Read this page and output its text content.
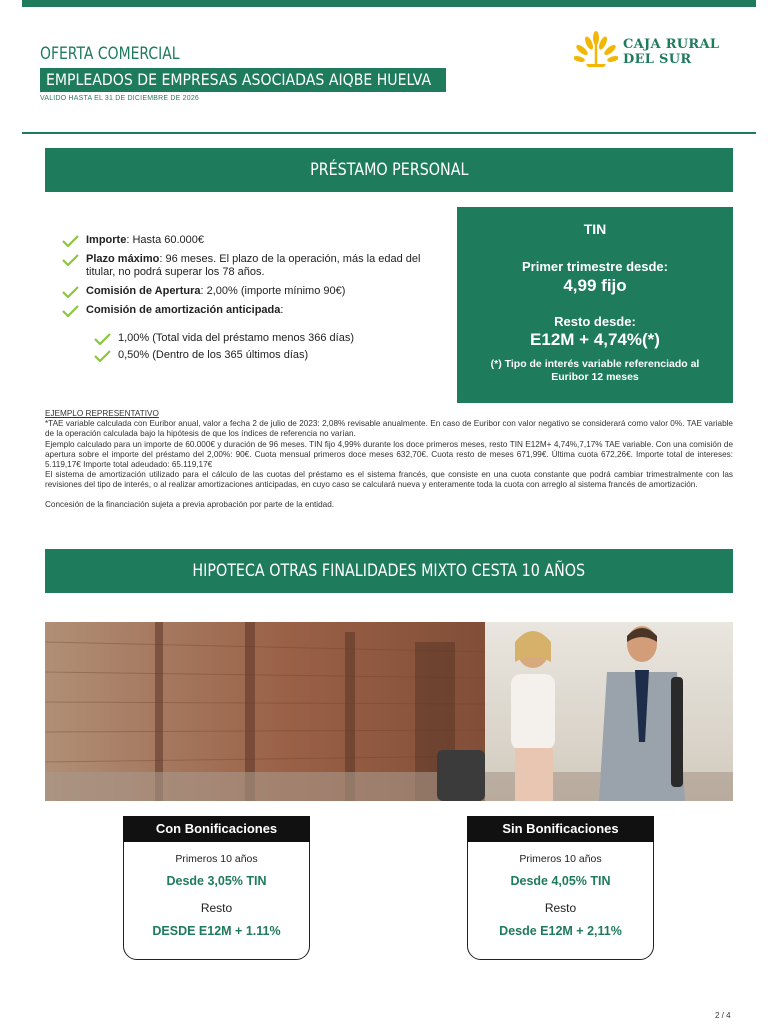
OFERTA COMERCIAL
EMPLEADOS DE EMPRESAS ASOCIADAS AIQBE HUELVA
VALIDO HASTA EL 31 DE DICIEMBRE DE 2026
CAJA RURAL
DEL SUR
PRÉSTAMO PERSONAL
Importe: Hasta 60.000€
Plazo máximo: 96 meses. El plazo de la operación, más la edad del titular, no podrá superar los 78 años.
Comisión de Apertura: 2,00% (importe mínimo 90€)
Comisión de amortización anticipada:
1,00% (Total vida del préstamo menos 366 días)
0,50% (Dentro de los 365 últimos días)
TIN
Primer trimestre desde:
4,99 fijo
Resto desde:
E12M + 4,74%(*)
(*) Tipo de interés variable referenciado al Euribor 12 meses

EJEMPLO REPRESENTATIVO

*TAE variable calculada con Euribor anual, valor a fecha 2 de julio de 2023: 2,08% revisable anualmente. En caso de Euribor con valor negativo se considerará como valor 0%. TAE variable de la operación calculada bajo la hipótesis de que los índices de referencia no varían.

Ejemplo calculado para un importe de 60.000€ y duración de 96 meses. TIN fijo 4,99% durante los doce primeros meses, resto TIN E12M+ 4,74%,7,17% TAE variable. Con una comisión de apertura sobre el importe del préstamo del 2,00%: 90€. Cuota mensual primeros doce meses 632,70€. Cuota resto de meses 671,99€. Última cuota 672,26€. Importe total de intereses: 5.119,17€ Importe total adeudado: 65.119,17€

El sistema de amortización utilizado para el cálculo de las cuotas del préstamo es el sistema francés, que consiste en una cuota constante que podrá cambiar trimestralmente con las revisiones del tipo de interés, o al realizar amortizaciones anticipadas, en cuyo caso se calculará nueva y enteramente toda la cuota con arreglo al sistema francés de amortización.

Concesión de la financiación sujeta a previa aprobación por parte de la entidad.

HIPOTECA OTRAS FINALIDADES MIXTO CESTA 10 AÑOS
Con Bonificaciones
Primeros 10 años
Desde 3,05% TIN
Resto
DESDE E12M + 1.11%
Sin Bonificaciones
Primeros 10 años
Desde 4,05% TIN
Resto
Desde E12M + 2,11%
2 / 4
